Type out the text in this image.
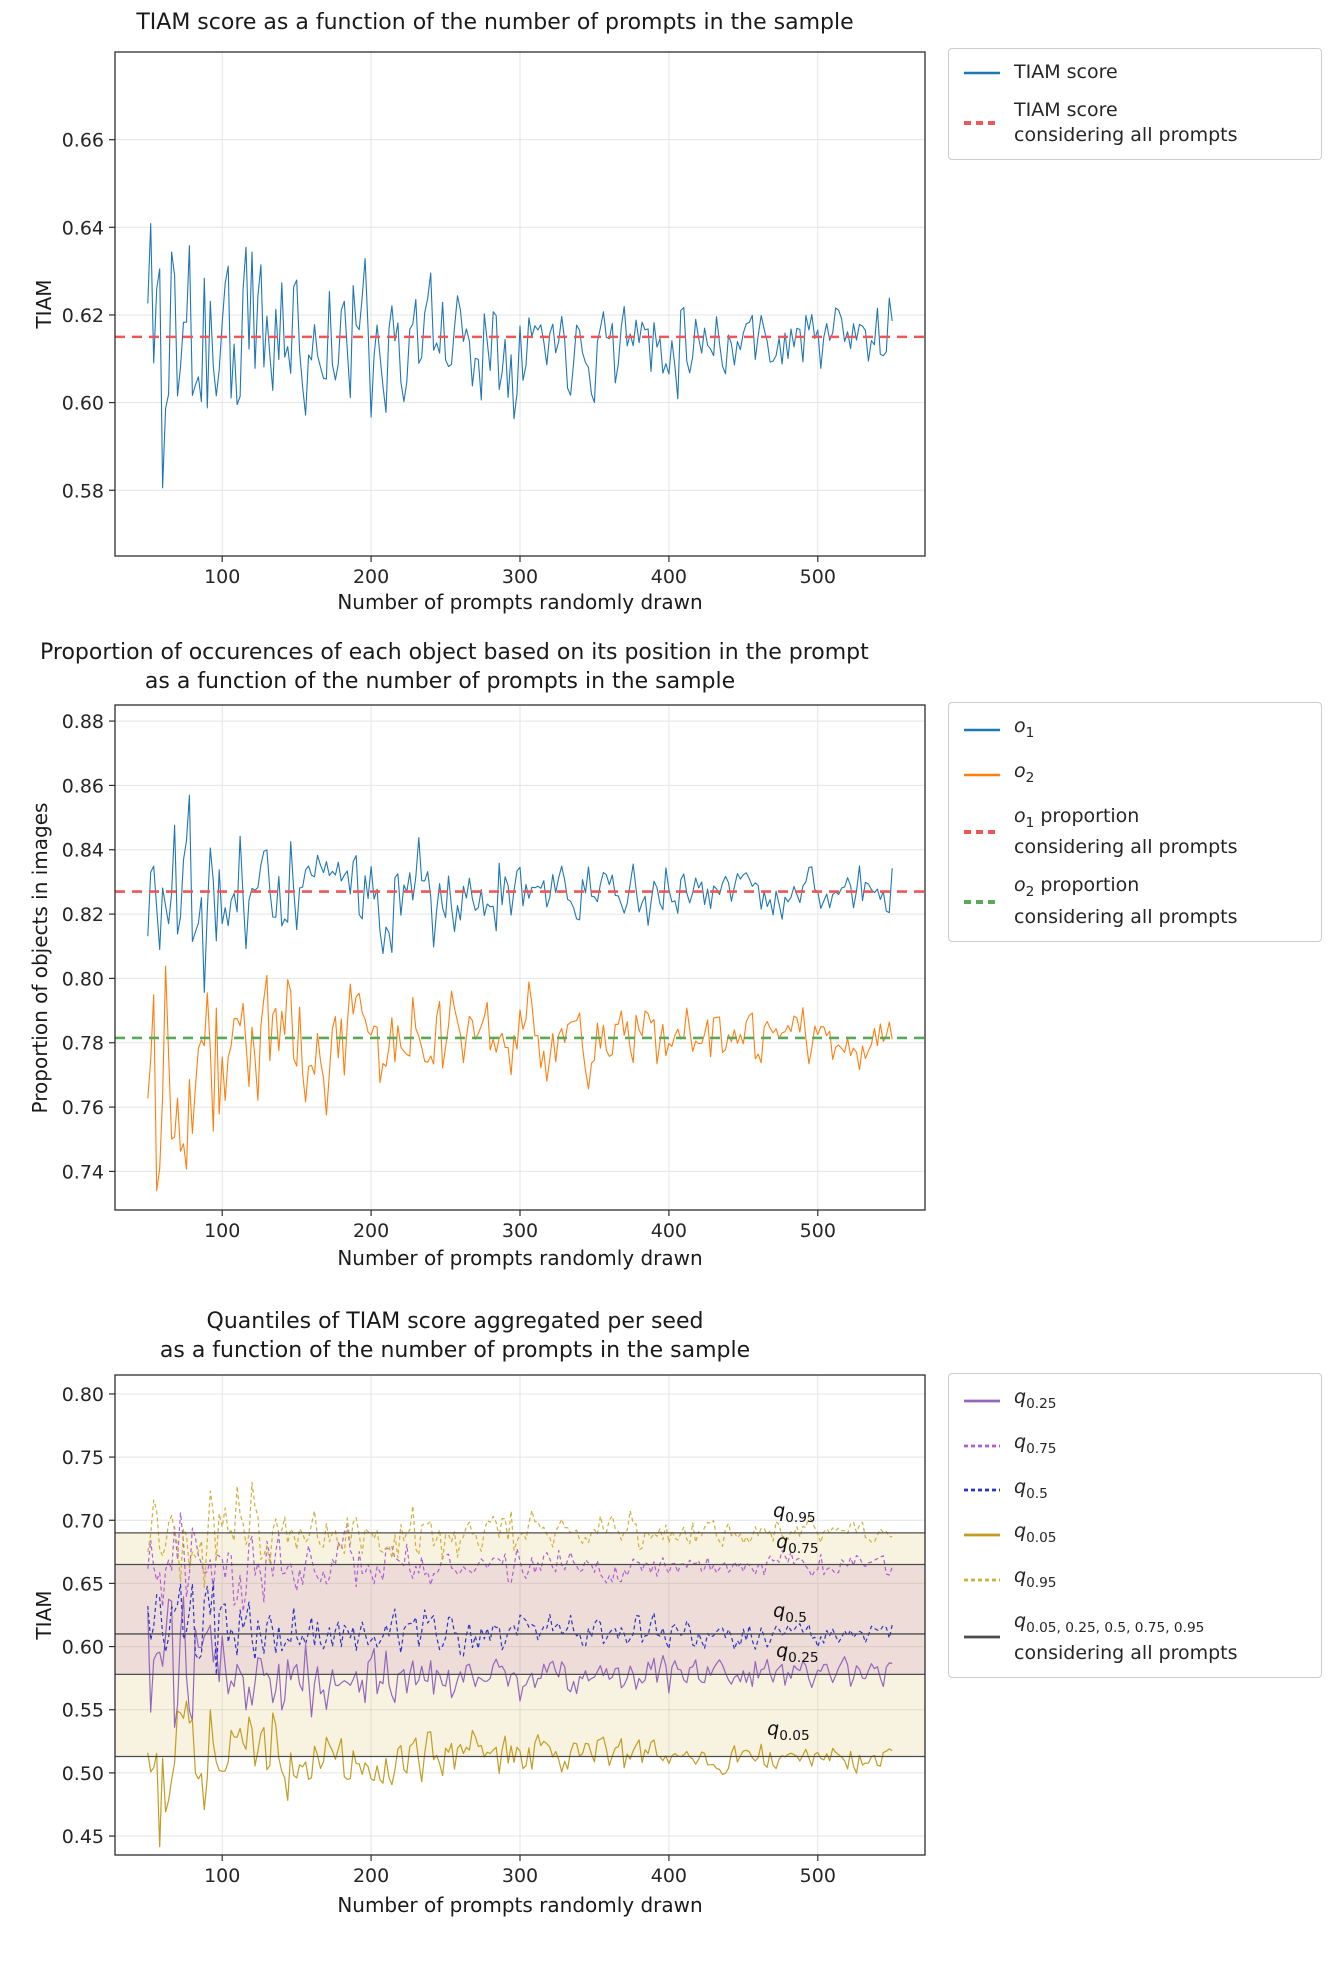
TIAM score as a function of the number of prompts in the sample
100	200	300	400	500
0.58
0.60
0.62
0.64
0.66
TIAM
Number of prompts randomly drawn
TIAM score
TIAM score
considering all prompts
Proportion of occurences of each object based on its position in the prompt
as a function of the number of prompts in the sample
100	200	300	400	500
0.74
0.76
0.78
0.80
0.82
0.84
0.86
0.88
Proportion of objects in images
Number of prompts randomly drawn
$o_1$
$o_2$
$o_1$ proportion
considering all prompts
$o_2$ proportion
considering all prompts
Quantiles of TIAM score aggregated per seed
as a function of the number of prompts in the sample
100	200	300	400	500
0.45
0.50
0.55
0.60
0.65
0.70
0.75
0.80
TIAM
Number of prompts randomly drawn
$q_{0.25}$
$q_{0.75}$
$q_{0.5}$
$q_{0.05}$
$q_{0.95}$
$q_{0.05, 0.25, 0.5, 0.75, 0.95}$
considering all prompts
$q_{0.95}$
$q_{0.75}$
$q_{0.5}$
$q_{0.25}$
$q_{0.05}$
